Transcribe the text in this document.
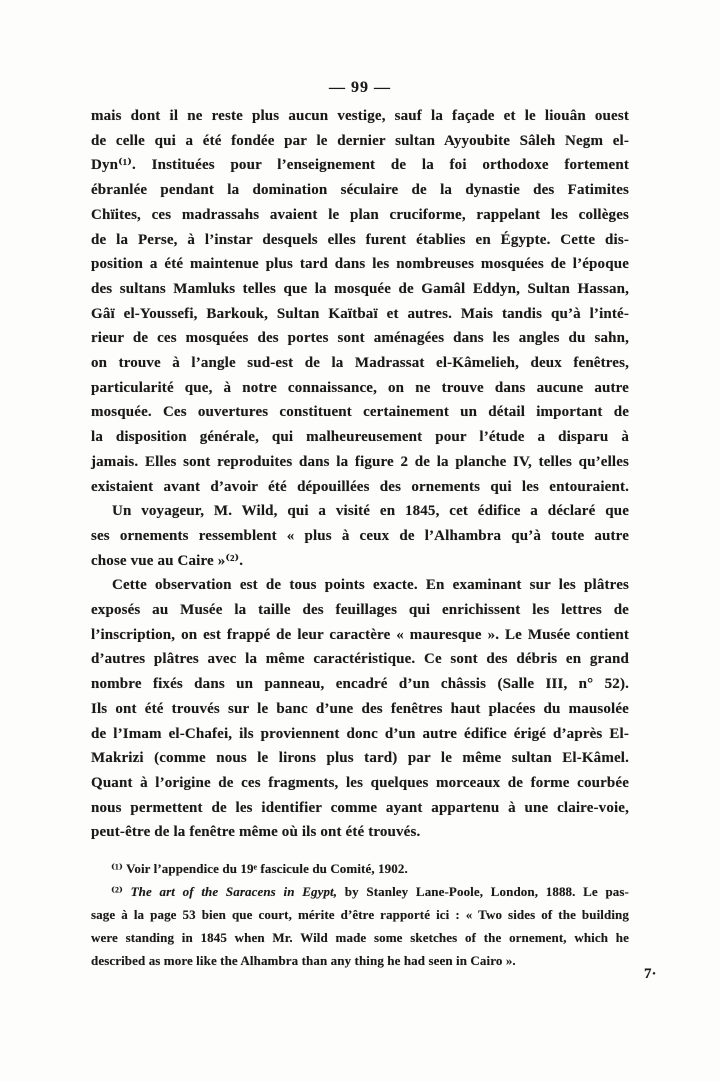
— 99 —
mais dont il ne reste plus aucun vestige, sauf la façade et le liouân ouest
de celle qui a été fondée par le dernier sultan Ayyoubite Sâleh Negm el-
Dyn⁽¹⁾. Instituées pour l’enseignement de la foi orthodoxe fortement
ébranlée pendant la domination séculaire de la dynastie des Fatimites
Chïites, ces madrassahs avaient le plan cruciforme, rappelant les collèges
de la Perse, à l’instar desquels elles furent établies en Égypte. Cette dis-
position a été maintenue plus tard dans les nombreuses mosquées de l’époque
des sultans Mamluks telles que la mosquée de Gamâl Eddyn, Sultan Hassan,
Gâï el-Youssefi, Barkouk, Sultan Kaïtbaï et autres. Mais tandis qu’à l’inté-
rieur de ces mosquées des portes sont aménagées dans les angles du sahn,
on trouve à l’angle sud-est de la Madrassat el-Kâmelieh, deux fenêtres,
particularité que, à notre connaissance, on ne trouve dans aucune autre
mosquée. Ces ouvertures constituent certainement un détail important de
la disposition générale, qui malheureusement pour l’étude a disparu à
jamais. Elles sont reproduites dans la figure 2 de la planche IV, telles qu’elles
existaient avant d’avoir été dépouillées des ornements qui les entouraient.
Un voyageur, M. Wild, qui a visité en 1845, cet édifice a déclaré que
ses ornements ressemblent « plus à ceux de l’Alhambra qu’à toute autre
chose vue au Caire »⁽²⁾.
Cette observation est de tous points exacte. En examinant sur les plâtres
exposés au Musée la taille des feuillages qui enrichissent les lettres de
l’inscription, on est frappé de leur caractère « mauresque ». Le Musée contient
d’autres plâtres avec la même caractéristique. Ce sont des débris en grand
nombre fixés dans un panneau, encadré d’un châssis (Salle III, n° 52).
Ils ont été trouvés sur le banc d’une des fenêtres haut placées du mausolée
de l’Imam el-Chafei, ils proviennent donc d’un autre édifice érigé d’après El-
Makrizi (comme nous le lirons plus tard) par le même sultan El-Kâmel.
Quant à l’origine de ces fragments, les quelques morceaux de forme courbée
nous permettent de les identifier comme ayant appartenu à une claire-voie,
peut-être de la fenêtre même où ils ont été trouvés.
⁽¹⁾ Voir l’appendice du 19ᵉ fascicule du Comité, 1902.
⁽²⁾ The art of the Saracens in Egypt, by Stanley Lane-Poole, London, 1888. Le pas-
sage à la page 53 bien que court, mérite d’être rapporté ici : « Two sides of the building
were standing in 1845 when Mr. Wild made some sketches of the ornement, which he
described as more like the Alhambra than any thing he had seen in Cairo ».
7·
